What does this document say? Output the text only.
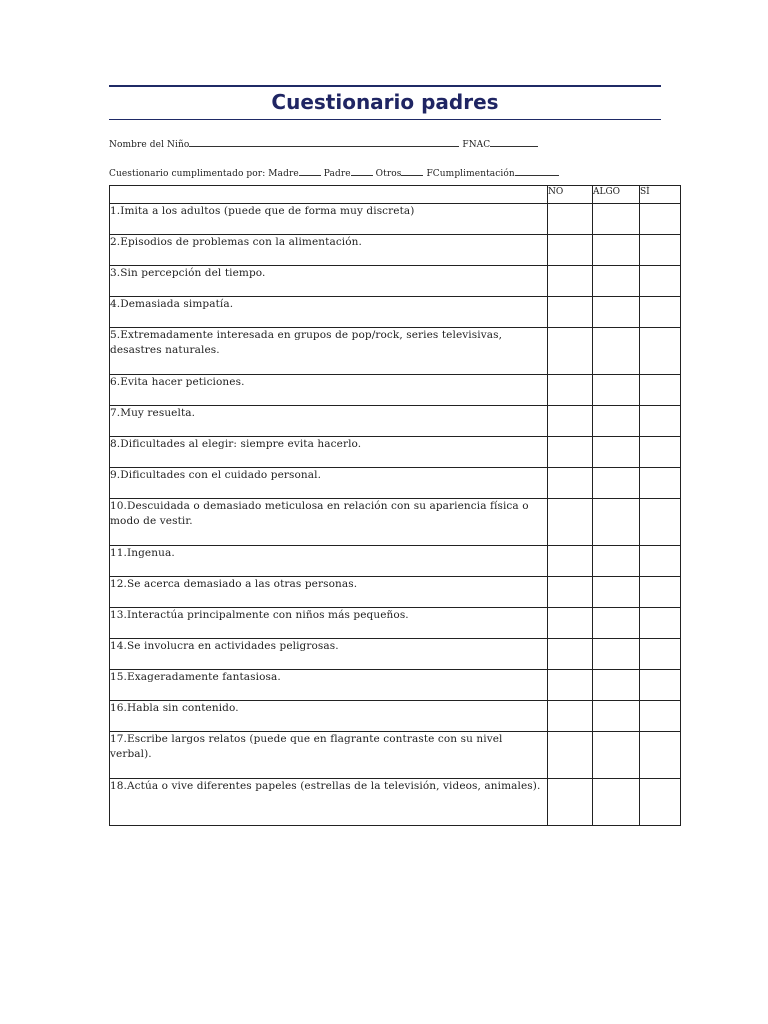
Cuestionario padres
Nombre del Niño	FNAC
Cuestionario cumplimentado por: Madre	Padre	Otros	FCumplimentación
	NO	ALGO	SÍ
1.Imita a los adultos (puede que de forma muy discreta)			
2.Episodios de problemas con la alimentación.			
3.Sin percepción del tiempo.			
4.Demasiada simpatía.			
5.Extremadamente interesada en grupos de pop/rock, series televisivas, desastres naturales.			
6.Evita hacer peticiones.			
7.Muy resuelta.			
8.Dificultades al elegir: siempre evita hacerlo.			
9.Dificultades con el cuidado personal.			
10.Descuidada o demasiado meticulosa en relación con su apariencia física o modo de vestir.			
11.Ingenua.			
12.Se acerca demasiado a las otras personas.			
13.Interactúa principalmente con niños más pequeños.			
14.Se involucra en actividades peligrosas.			
15.Exageradamente fantasiosa.			
16.Habla sin contenido.			
17.Escribe largos relatos (puede que en flagrante contraste con su nivel verbal).			
18.Actúa o vive diferentes papeles (estrellas de la televisión, videos, animales).			
